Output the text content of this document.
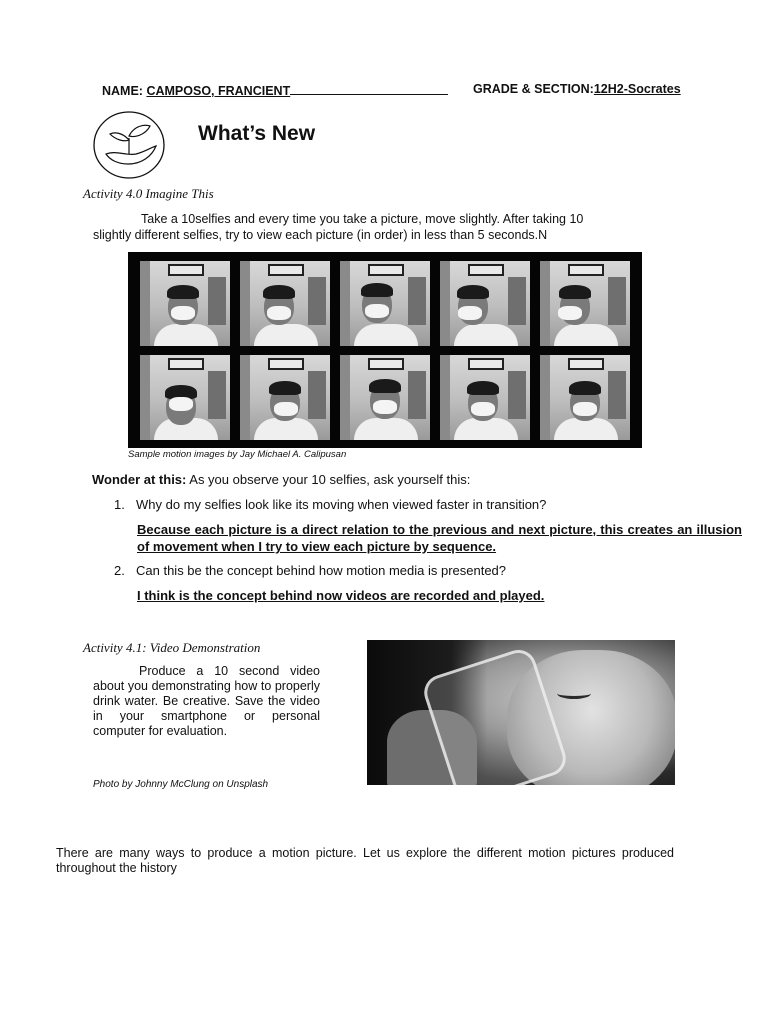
NAME: CAMPOSO, FRANCIENT	GRADE & SECTION:12H2-Socrates
What’s New
Activity 4.0 Imagine This
Take a 10selfies and every time you take a picture, move slightly. After taking 10
slightly different selfies, try to view each picture (in order) in less than 5 seconds.N
Sample motion images by Jay Michael A. Calipusan
Wonder at this: As you observe your 10 selfies, ask yourself this:
1. Why do my selfies look like its moving when viewed faster in transition?
Because each picture is a direct relation to the previous and next picture, this creates an illusion of movement when I try to view each picture by sequence.
2. Can this be the concept behind how motion media is presented?
I think is the concept behind now videos are recorded and played.
Activity 4.1: Video Demonstration
Produce a 10 second video about you demonstrating how to properly drink water. Be creative. Save the video in your smartphone or personal computer for evaluation.
Photo by Johnny McClung on Unsplash
There are many ways to produce a motion picture. Let us explore the different motion pictures produced throughout the history
